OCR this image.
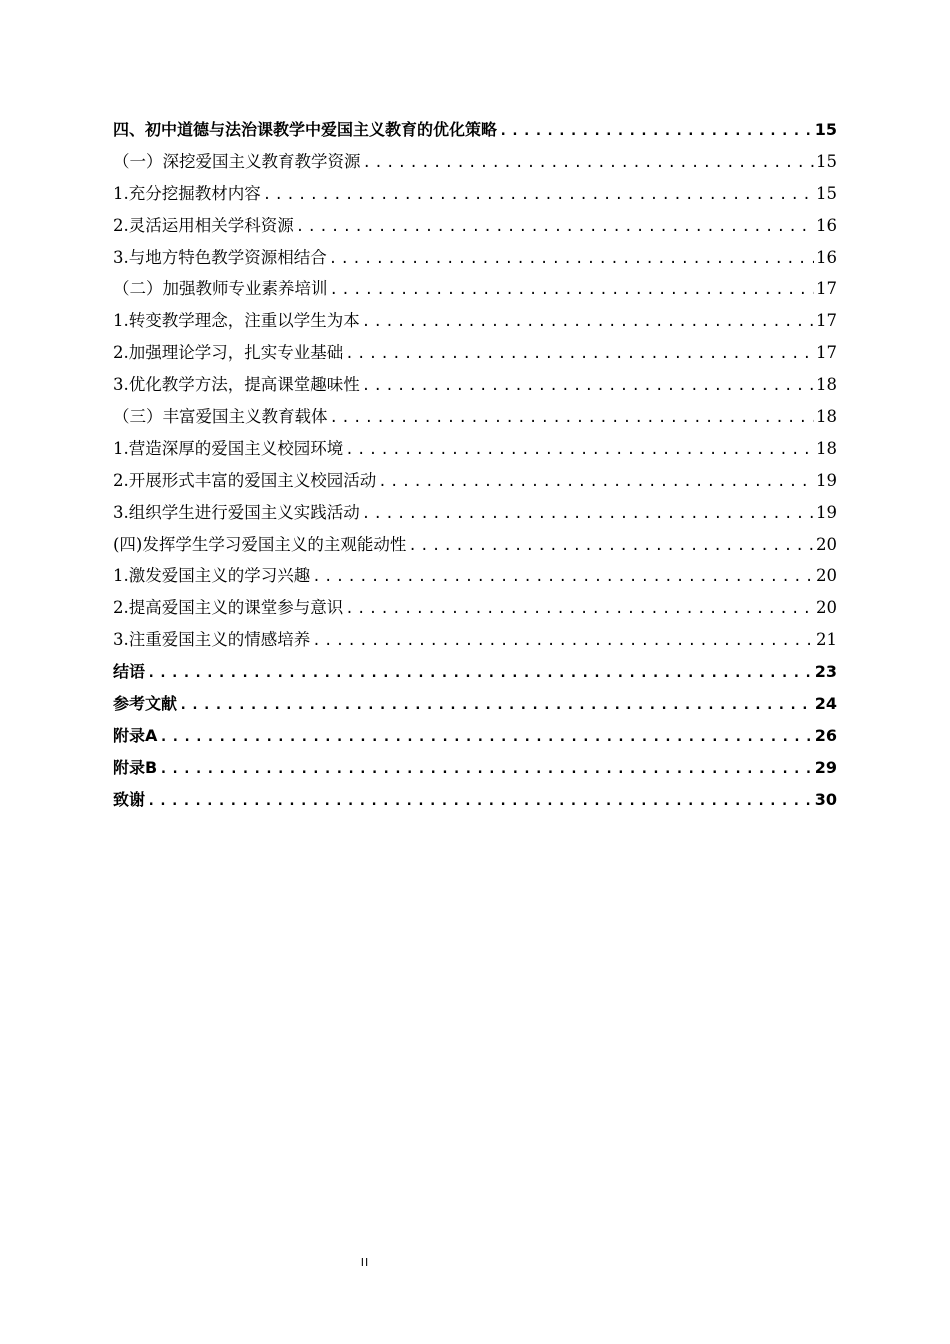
四、初中道德与法治课教学中爱国主义教育的优化策略 .....	15
（一）深挖爱国主义教育教学资源 .....	15
1.充分挖掘教材内容 .....	15
2.灵活运用相关学科资源 .....	16
3.与地方特色教学资源相结合 .....	16
（二）加强教师专业素养培训 .....	17
1.转变教学理念，注重以学生为本 .....	17
2.加强理论学习，扎实专业基础 .....	17
3.优化教学方法，提高课堂趣味性 .....	18
（三）丰富爱国主义教育载体 .....	18
1.营造深厚的爱国主义校园环境 .....	18
2.开展形式丰富的爱国主义校园活动 .....	19
3.组织学生进行爱国主义实践活动 .....	19
(四)发挥学生学习爱国主义的主观能动性 .....	20
1.激发爱国主义的学习兴趣 .....	20
2.提高爱国主义的课堂参与意识 .....	20
3.注重爱国主义的情感培养 .....	21
结语 .....	23
参考文献 .....	24
附录A .....	26
附录B .....	29
致谢 .....	30
II
